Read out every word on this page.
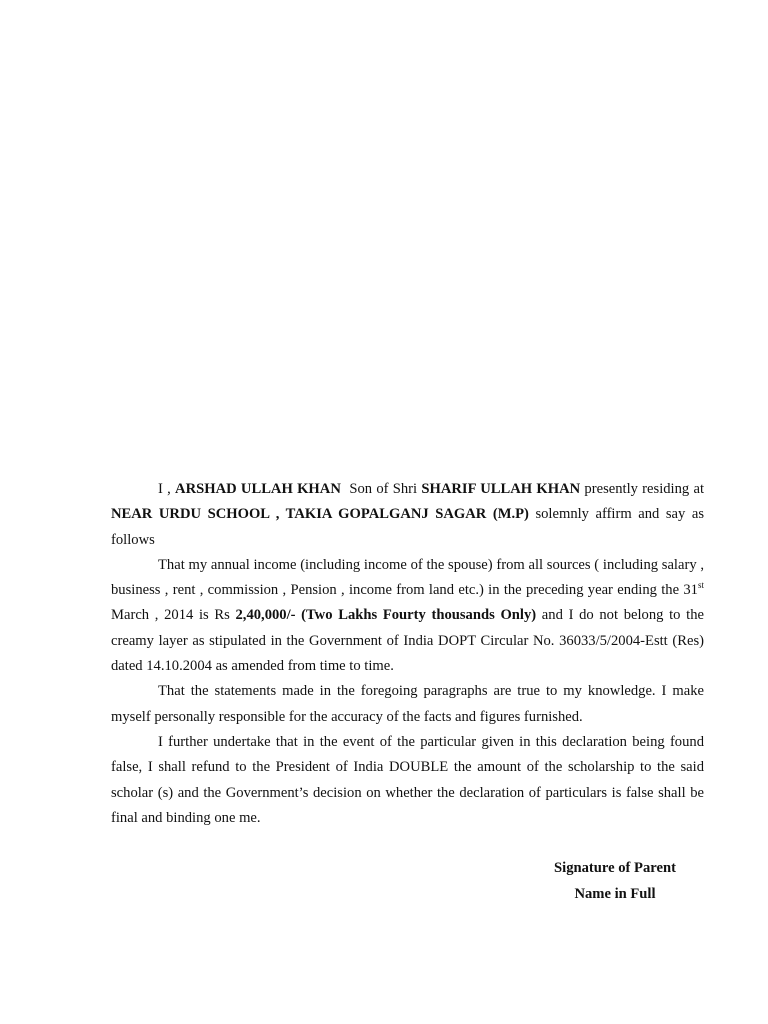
I , ARSHAD ULLAH KHAN  Son of Shri SHARIF ULLAH KHAN presently residing at NEAR URDU SCHOOL , TAKIA GOPALGANJ SAGAR (M.P) solemnly affirm and say as follows

That my annual income (including income of the spouse) from all sources ( including salary , business , rent , commission , Pension , income from land etc.) in the preceding year ending the 31st March , 2014 is Rs 2,40,000/- (Two Lakhs Fourty thousands Only) and I do not belong to the creamy layer as stipulated in the Government of India DOPT Circular No. 36033/5/2004-Estt (Res) dated 14.10.2004 as amended from time to time.

That the statements made in the foregoing paragraphs are true to my knowledge. I make myself personally responsible for the accuracy of the facts and figures furnished.

I further undertake that in the event of the particular given in this declaration being found false, I shall refund to the President of India DOUBLE the amount of the scholarship to the said scholar (s) and the Government’s decision on whether the declaration of particulars is false shall be final and binding one me.

Signature of Parent
Name in Full
